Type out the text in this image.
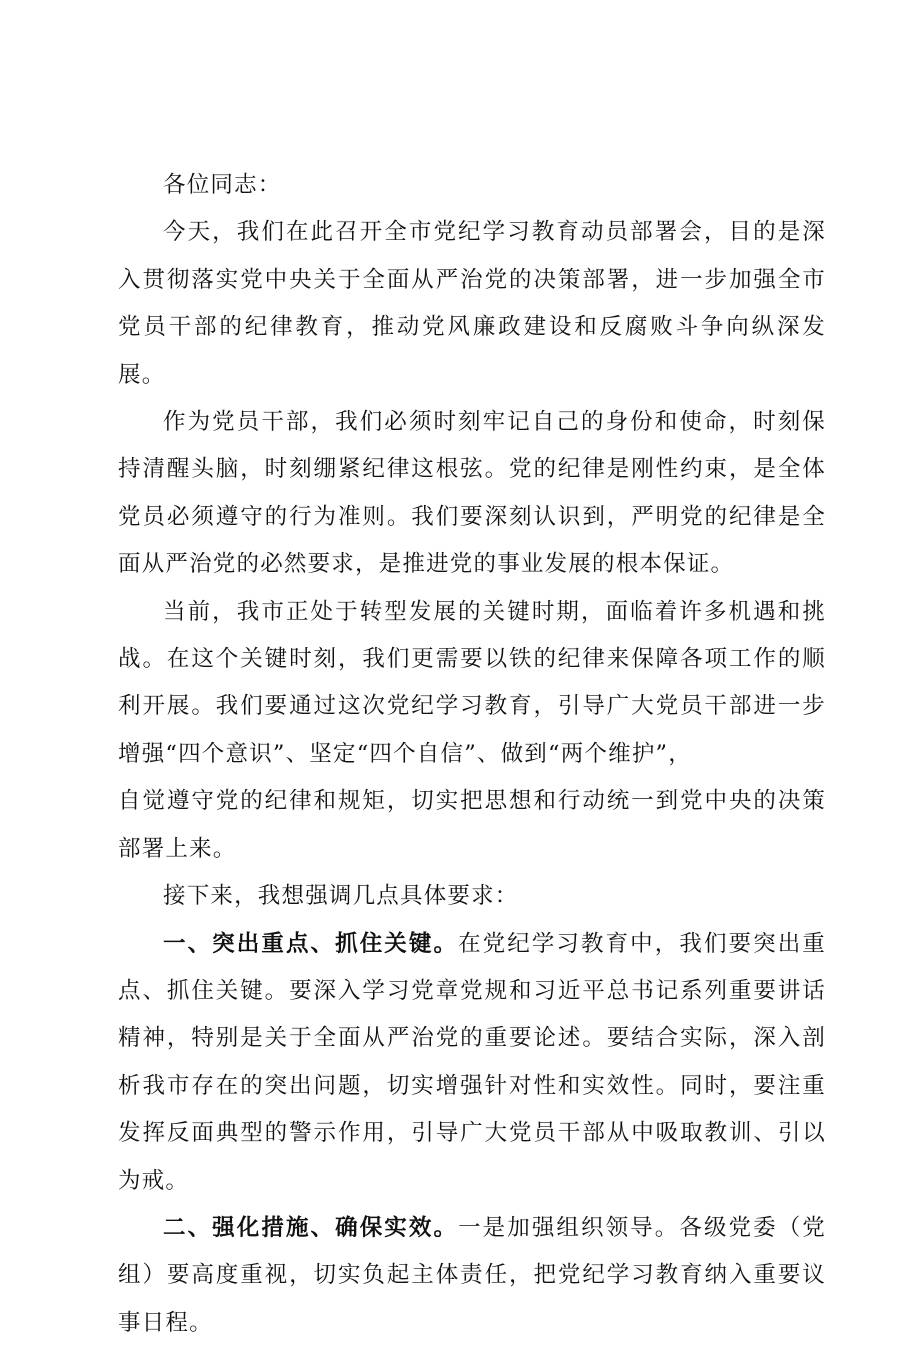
各位同志：

今天，我们在此召开全市党纪学习教育动员部署会，目的是深入贯彻落实党中央关于全面从严治党的决策部署，进一步加强全市党员干部的纪律教育，推动党风廉政建设和反腐败斗争向纵深发展。

作为党员干部，我们必须时刻牢记自己的身份和使命，时刻保持清醒头脑，时刻绷紧纪律这根弦。党的纪律是刚性约束，是全体党员必须遵守的行为准则。我们要深刻认识到，严明党的纪律是全面从严治党的必然要求，是推进党的事业发展的根本保证。

当前，我市正处于转型发展的关键时期，面临着许多机遇和挑战。在这个关键时刻，我们更需要以铁的纪律来保障各项工作的顺利开展。我们要通过这次党纪学习教育，引导广大党员干部进一步增强“四个意识”、坚定“四个自信”、做到“两个维护”，

自觉遵守党的纪律和规矩，切实把思想和行动统一到党中央的决策部署上来。

接下来，我想强调几点具体要求：

一、突出重点、抓住关键。在党纪学习教育中，我们要突出重点、抓住关键。要深入学习党章党规和习近平总书记系列重要讲话精神，特别是关于全面从严治党的重要论述。要结合实际，深入剖析我市存在的突出问题，切实增强针对性和实效性。同时，要注重发挥反面典型的警示作用，引导广大党员干部从中吸取教训、引以为戒。

二、强化措施、确保实效。一是加强组织领导。各级党委（党组）要高度重视，切实负起主体责任，把党纪学习教育纳入重要议事日程。
